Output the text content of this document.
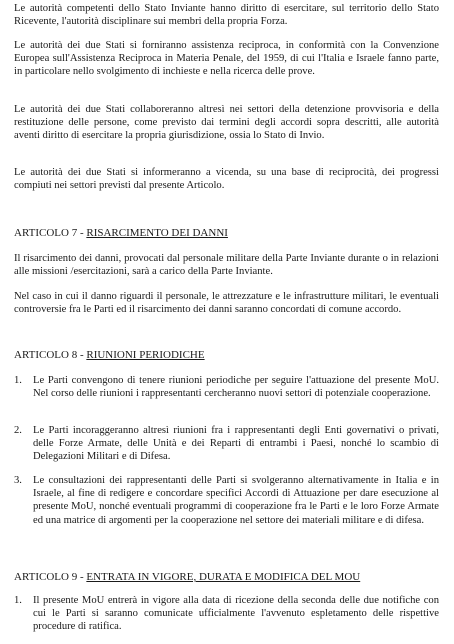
Le autorità competenti dello Stato Inviante hanno diritto di esercitare, sul territorio dello Stato Ricevente, l'autorità disciplinare sui membri della propria Forza.

Le autorità dei due Stati si forniranno assistenza reciproca, in conformità con la Convenzione Europea sull'Assistenza Reciproca in Materia Penale, del 1959, di cui l'Italia e Israele fanno parte, in particolare nello svolgimento di inchieste e nella ricerca delle prove.

Le autorità dei due Stati collaboreranno altresì nei settori della detenzione provvisoria e della restituzione delle persone, come previsto dai termini degli accordi sopra descritti, alle autorità aventi diritto di esercitare la propria giurisdizione, ossia lo Stato di Invio.

Le autorità dei due Stati si informeranno a vicenda, su una base di reciprocità, dei progressi compiuti nei settori previsti dal presente Articolo.

ARTICOLO 7 - RISARCIMENTO DEI DANNI

Il risarcimento dei danni, provocati dal personale militare della Parte Inviante durante o in relazioni alle missioni /esercitazioni, sarà a carico della Parte Inviante.

Nel caso in cui il danno riguardi il personale, le attrezzature e le infrastrutture militari, le eventuali controversie fra le Parti ed il risarcimento dei danni saranno concordati di comune accordo.

ARTICOLO 8 - RIUNIONI PERIODICHE
1. Le Parti convengono di tenere riunioni periodiche per seguire l'attuazione del presente MoU. Nel corso delle riunioni i rappresentanti cercheranno nuovi settori di potenziale cooperazione.

2. Le Parti incoraggeranno altresì riunioni fra i rappresentanti degli Enti governativi o privati, delle Forze Armate, delle Unità e dei Reparti di entrambi i Paesi, nonché lo scambio di Delegazioni Militari e di Difesa.

3. Le consultazioni dei rappresentanti delle Parti si svolgeranno alternativamente in Italia e in Israele, al fine di redigere e concordare specifici Accordi di Attuazione per dare esecuzione al presente MoU, nonché eventuali programmi di cooperazione fra le Parti e le loro Forze Armate ed una matrice di argomenti per la cooperazione nel settore dei materiali militare e di difesa.

ARTICOLO 9 - ENTRATA IN VIGORE, DURATA E MODIFICA DEL MOU
1. Il presente MoU entrerà in vigore alla data di ricezione della seconda delle due notifiche con cui le Parti si saranno comunicate ufficialmente l'avvenuto espletamento delle rispettive procedure di ratifica.
